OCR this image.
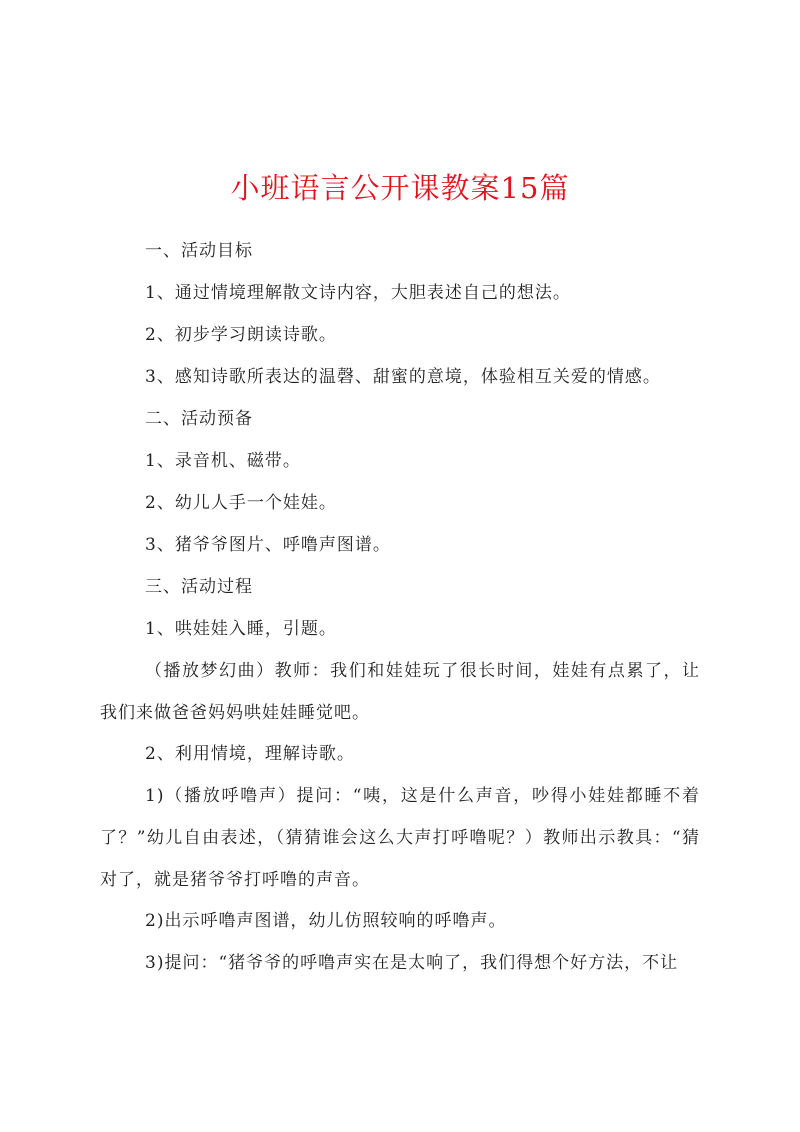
小班语言公开课教案15篇

一、活动目标

1、通过情境理解散文诗内容，大胆表述自己的想法。

2、初步学习朗读诗歌。

3、感知诗歌所表达的温磬、甜蜜的意境，体验相互关爱的情感。

二、活动预备

1、录音机、磁带。

2、幼儿人手一个娃娃。

3、猪爷爷图片、呼噜声图谱。

三、活动过程

1、哄娃娃入睡，引题。

（播放梦幻曲）教师：我们和娃娃玩了很长时间，娃娃有点累了，让我们来做爸爸妈妈哄娃娃睡觉吧。

2、利用情境，理解诗歌。

1)（播放呼噜声）提问：“咦，这是什么声音，吵得小娃娃都睡不着了？”幼儿自由表述，（猜猜谁会这么大声打呼噜呢？）教师出示教具：“猜对了，就是猪爷爷打呼噜的声音。

2)出示呼噜声图谱，幼儿仿照较响的呼噜声。

3)提问：“猪爷爷的呼噜声实在是太响了，我们得想个好方法，不让
